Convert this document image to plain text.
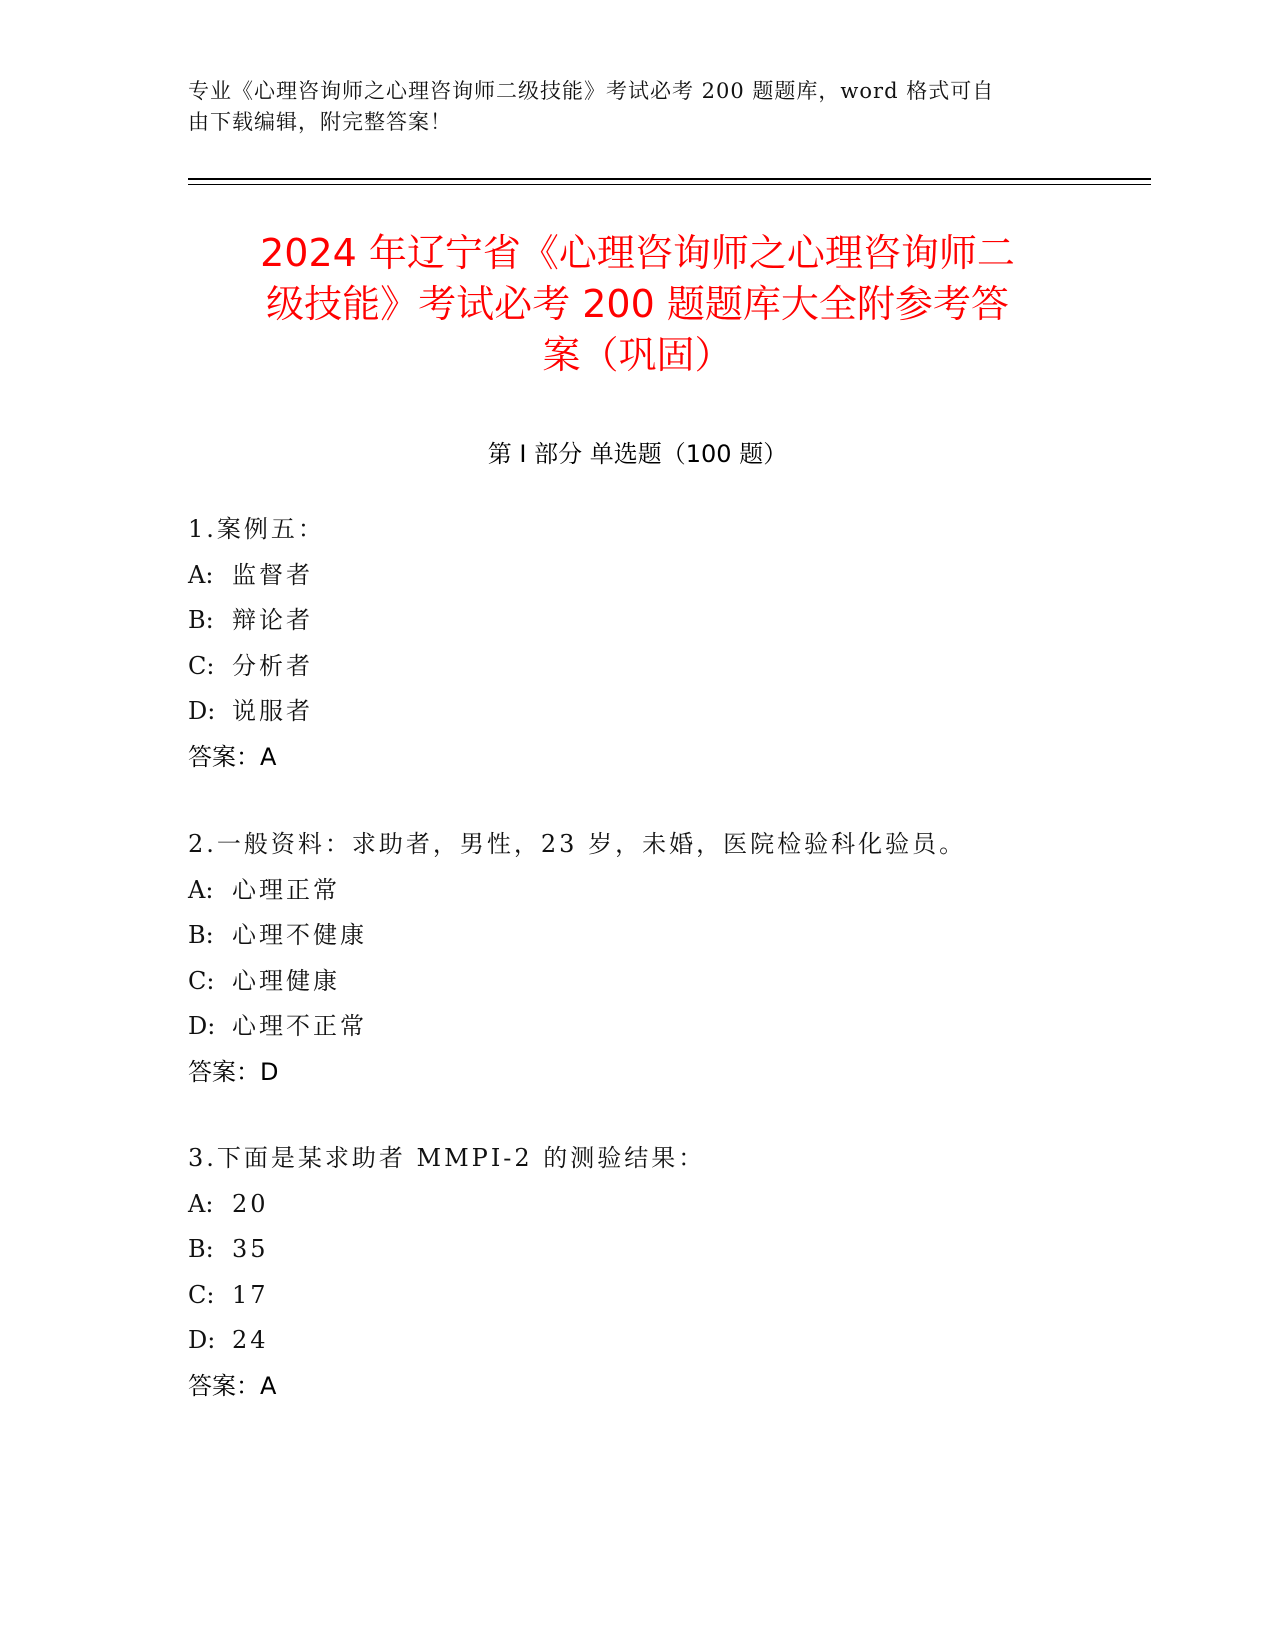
专业《心理咨询师之心理咨询师二级技能》考试必考 200 题题库，word 格式可自
由下载编辑，附完整答案！
2024 年辽宁省《心理咨询师之心理咨询师二
级技能》考试必考 200 题题库大全附参考答
案（巩固）
第 I 部分 单选题（100 题）
1.案例五：
A: 监督者
B: 辩论者
C: 分析者
D: 说服者
答案：A
2.一般资料：求助者，男性，23 岁，未婚，医院检验科化验员。
A: 心理正常
B: 心理不健康
C: 心理健康
D: 心理不正常
答案：D
3.下面是某求助者 MMPI-2 的测验结果：
A: 20
B: 35
C: 17
D: 24
答案：A
